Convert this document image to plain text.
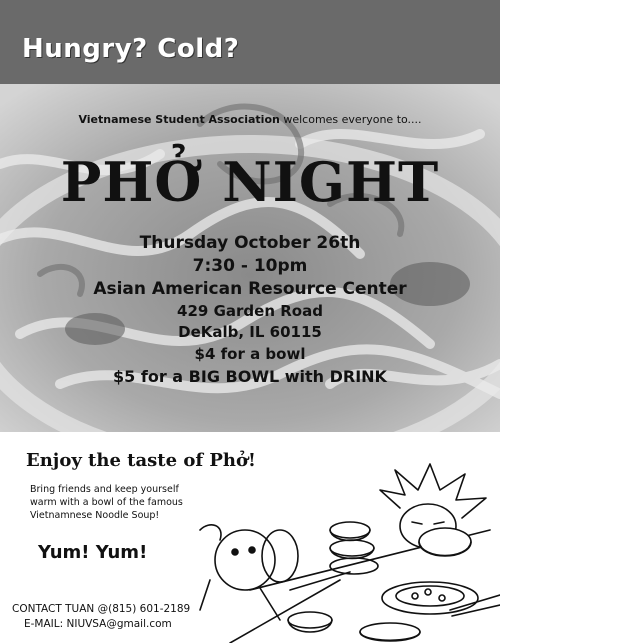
Hungry? Cold?
Vietnamese Student Association welcomes everyone to....
PHỞ NIGHT
Thursday October 26th
7:30 - 10pm
Asian American Resource Center
429 Garden Road
DeKalb, IL 60115
$4 for a bowl
$5 for a BIG BOWL with DRINK
Enjoy the taste of Phở!
Bring friends and keep yourself
warm with a bowl of the famous
Vietnamnese Noodle Soup!
Yum! Yum!
CONTACT TUAN @(815) 601-2189
E-MAIL: NIUVSA@gmail.com
